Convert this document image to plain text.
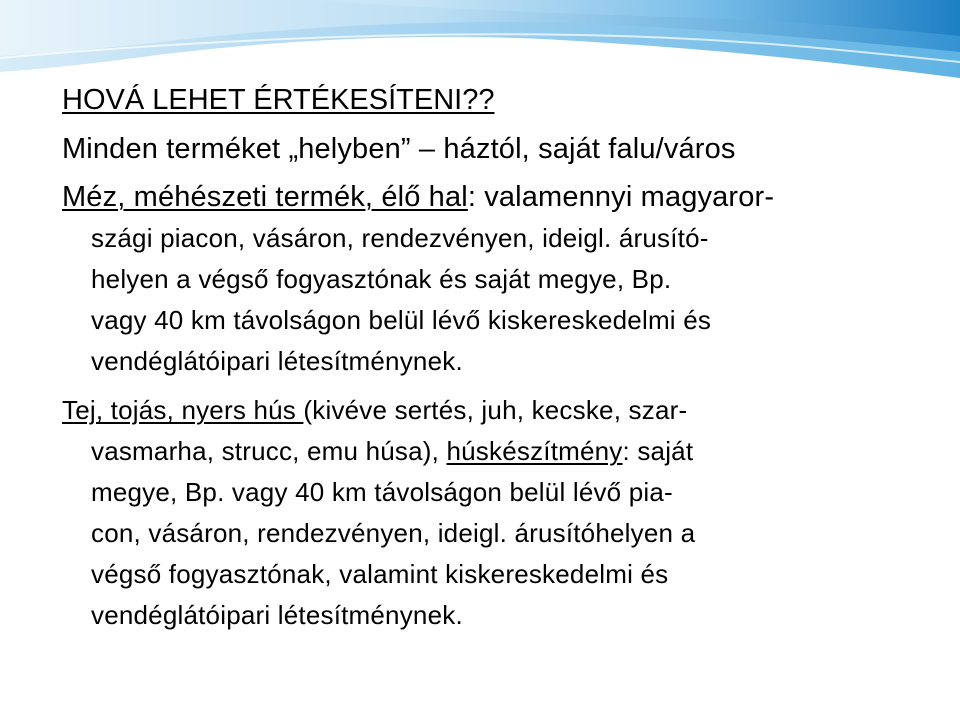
HOVÁ LEHET ÉRTÉKESÍTENI??

Minden terméket „helyben” – háztól, saját falu/város

Méz, méhészeti termék, élő hal: valamennyi magyaror-

szági piacon, vásáron, rendezvényen, ideigl. árusító-

helyen a végső fogyasztónak és saját megye, Bp.

vagy 40 km távolságon belül lévő kiskereskedelmi és

vendéglátóipari létesítménynek.

Tej, tojás, nyers hús (kivéve sertés, juh, kecske, szar-

vasmarha, strucc, emu húsa), húskészítmény: saját

megye, Bp. vagy 40 km távolságon belül lévő pia-

con, vásáron, rendezvényen, ideigl. árusítóhelyen a

végső fogyasztónak, valamint kiskereskedelmi és

vendéglátóipari létesítménynek.
